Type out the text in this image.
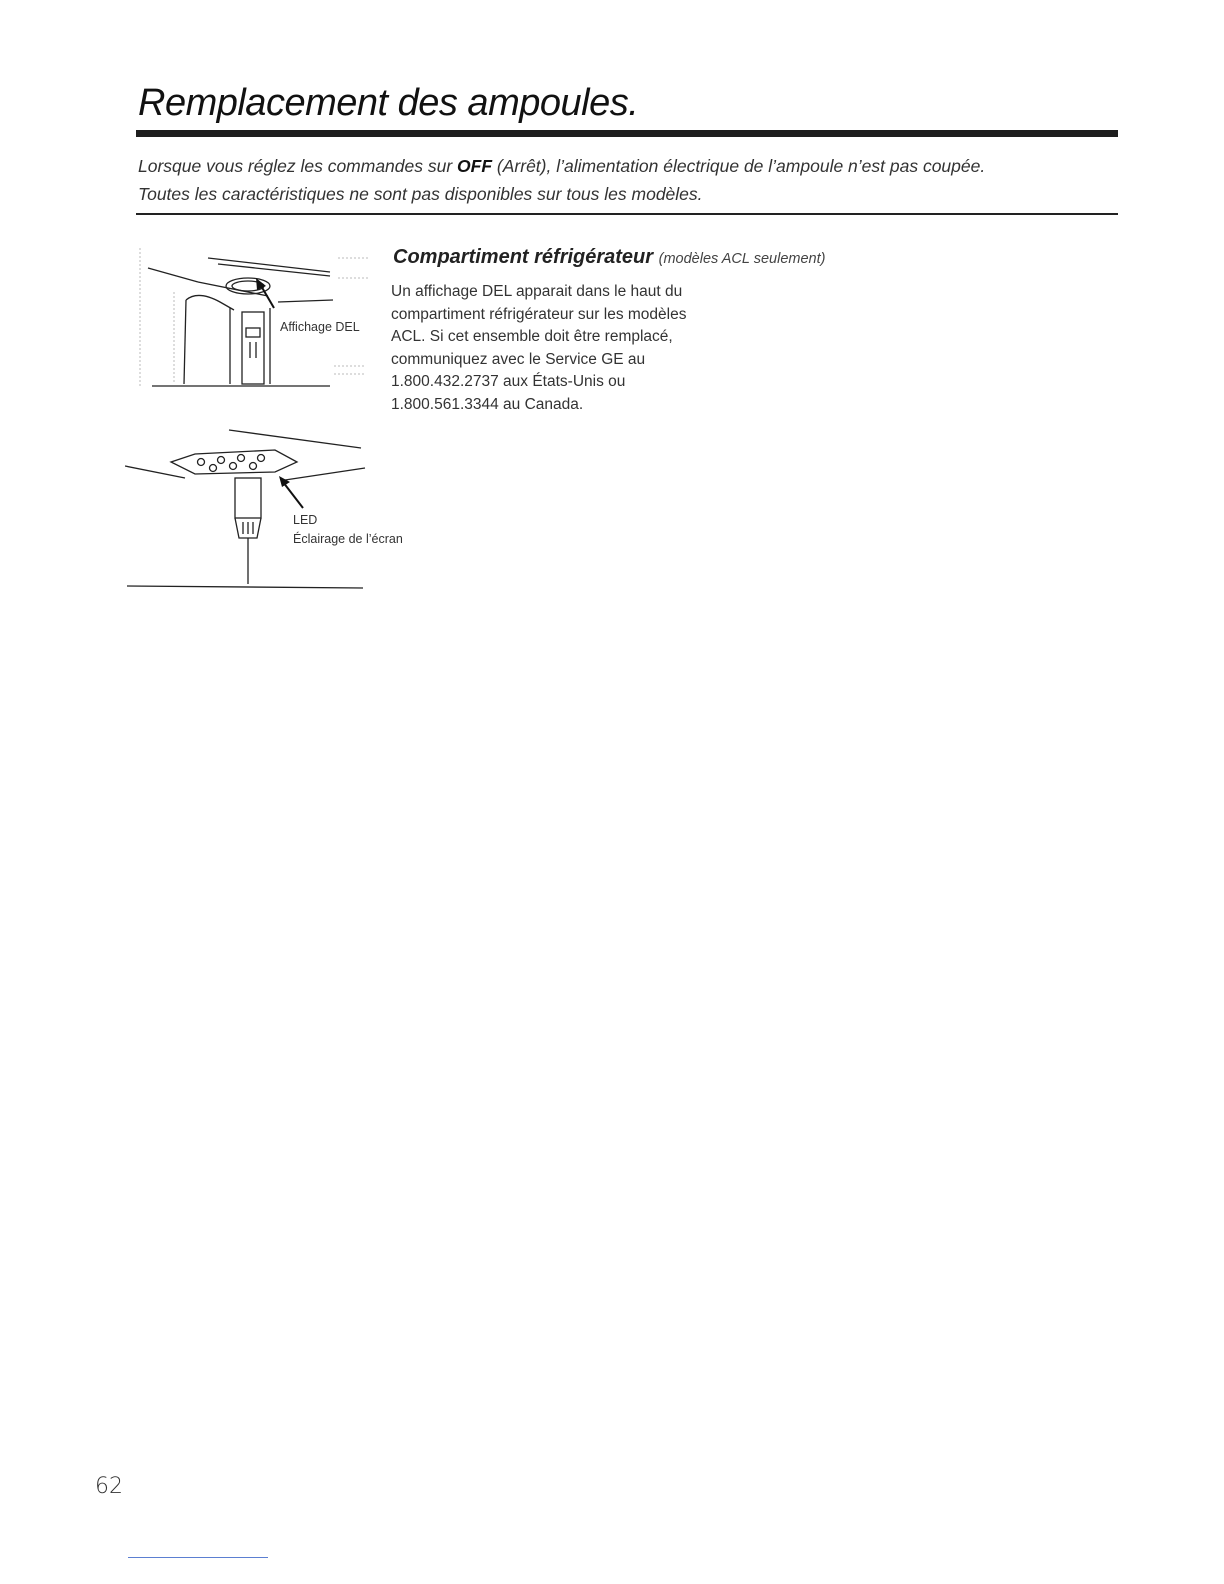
Remplacement des ampoules.

Lorsque vous réglez les commandes sur OFF (Arrêt), l’alimentation électrique de l’ampoule n’est pas coupée.

Toutes les caractéristiques ne sont pas disponibles sur tous les modèles.

Affichage DEL
LED
Éclairage de l’écran
Compartiment réfrigérateur (modèles ACL seulement)

Un affichage DEL apparait dans le haut du

compartiment réfrigérateur sur les modèles

ACL. Si cet ensemble doit être remplacé,

communiquez avec le Service GE au

1.800.432.2737 aux États-Unis ou

1.800.561.3344 au Canada.

62
